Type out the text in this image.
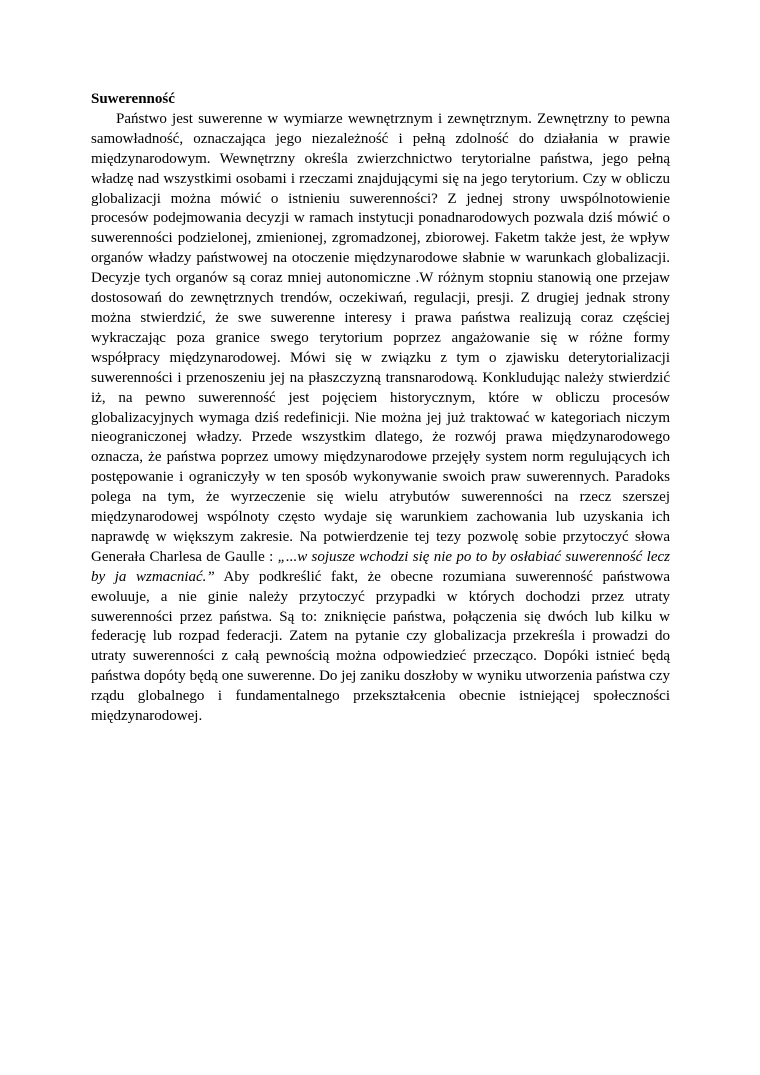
Suwerenność

Państwo jest suwerenne w wymiarze wewnętrznym i zewnętrznym. Zewnętrzny to pewna samowładność, oznaczająca jego niezależność i pełną zdolność do działania w prawie międzynarodowym. Wewnętrzny określa zwierzchnictwo terytorialne państwa, jego pełną władzę nad wszystkimi osobami i rzeczami znajdującymi się na jego terytorium. Czy w obliczu globalizacji można mówić o istnieniu suwerenności? Z jednej strony uwspólnotowienie procesów podejmowania decyzji w ramach instytucji ponadnarodowych pozwala dziś mówić o suwerenności podzielonej, zmienionej, zgromadzonej, zbiorowej. Faketm także jest, że wpływ organów władzy państwowej na otoczenie międzynarodowe słabnie w warunkach globalizacji. Decyzje tych organów są coraz mniej autonomiczne .W różnym stopniu stanowią one przejaw dostosowań do zewnętrznych trendów, oczekiwań, regulacji, presji. Z drugiej jednak strony można stwierdzić, że swe suwerenne interesy i prawa państwa realizują coraz częściej wykraczając poza granice swego terytorium poprzez angażowanie się w różne formy współpracy międzynarodowej. Mówi się w związku z tym o zjawisku deterytorializacji suwerenności i przenoszeniu jej na płaszczyzną transnarodową. Konkludując należy stwierdzić iż, na pewno suwerenność jest pojęciem historycznym, które w obliczu procesów globalizacyjnych wymaga dziś redefinicji. Nie można jej już traktować w kategoriach niczym nieograniczonej władzy. Przede wszystkim dlatego, że rozwój prawa międzynarodowego oznacza, że państwa poprzez umowy międzynarodowe przejęły system norm regulujących ich postępowanie i ograniczyły w ten sposób wykonywanie swoich praw suwerennych. Paradoks polega na tym, że wyrzeczenie się wielu atrybutów suwerenności na rzecz szerszej międzynarodowej wspólnoty często wydaje się warunkiem zachowania lub uzyskania ich naprawdę w większym zakresie. Na potwierdzenie tej tezy pozwolę sobie przytoczyć słowa Generała Charlesa de Gaulle : „...w sojusze wchodzi się nie po to by osłabiać suwerenność lecz by ja wzmacniać.” Aby podkreślić fakt, że obecne rozumiana suwerenność państwowa ewoluuje, a nie ginie należy przytoczyć przypadki w których dochodzi przez utraty suwerenności przez państwa. Są to: zniknięcie państwa, połączenia się dwóch lub kilku w federację lub rozpad federacji. Zatem na pytanie czy globalizacja przekreśla i prowadzi do utraty suwerenności z całą pewnością można odpowiedzieć przecząco. Dopóki istnieć będą państwa dopóty będą one suwerenne. Do jej zaniku doszłoby w wyniku utworzenia państwa czy rządu globalnego i fundamentalnego przekształcenia obecnie istniejącej społeczności międzynarodowej.
